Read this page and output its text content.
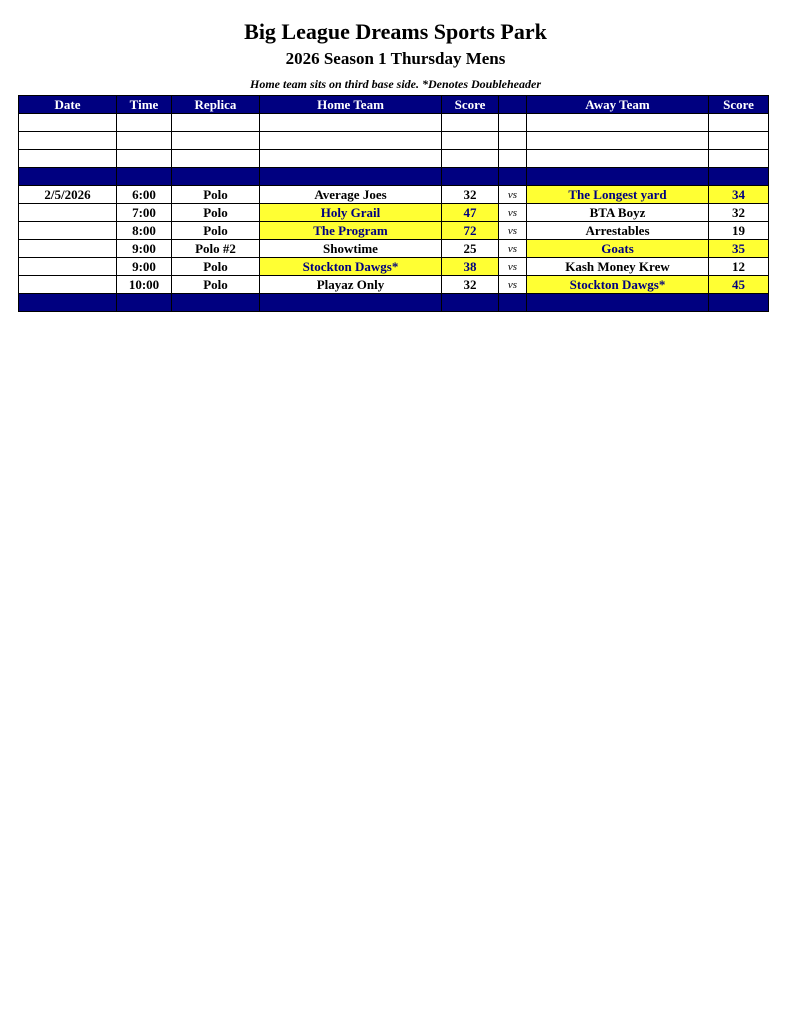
Big League Dreams Sports Park
2026 Season 1 Thursday Mens
Home team sits on third base side. *Denotes Doubleheader
Date	Time	Replica	Home Team	Score		Away Team	Score

2/5/2026	6:00	Polo	Average Joes	32	vs	The Longest yard	34
	7:00	Polo	Holy Grail	47	vs	BTA Boyz	32
	8:00	Polo	The Program	72	vs	Arrestables	19
	9:00	Polo #2	Showtime	25	vs	Goats	35
	9:00	Polo	Stockton Dawgs*	38	vs	Kash Money Krew	12
	10:00	Polo	Playaz Only	32	vs	Stockton Dawgs*	45
